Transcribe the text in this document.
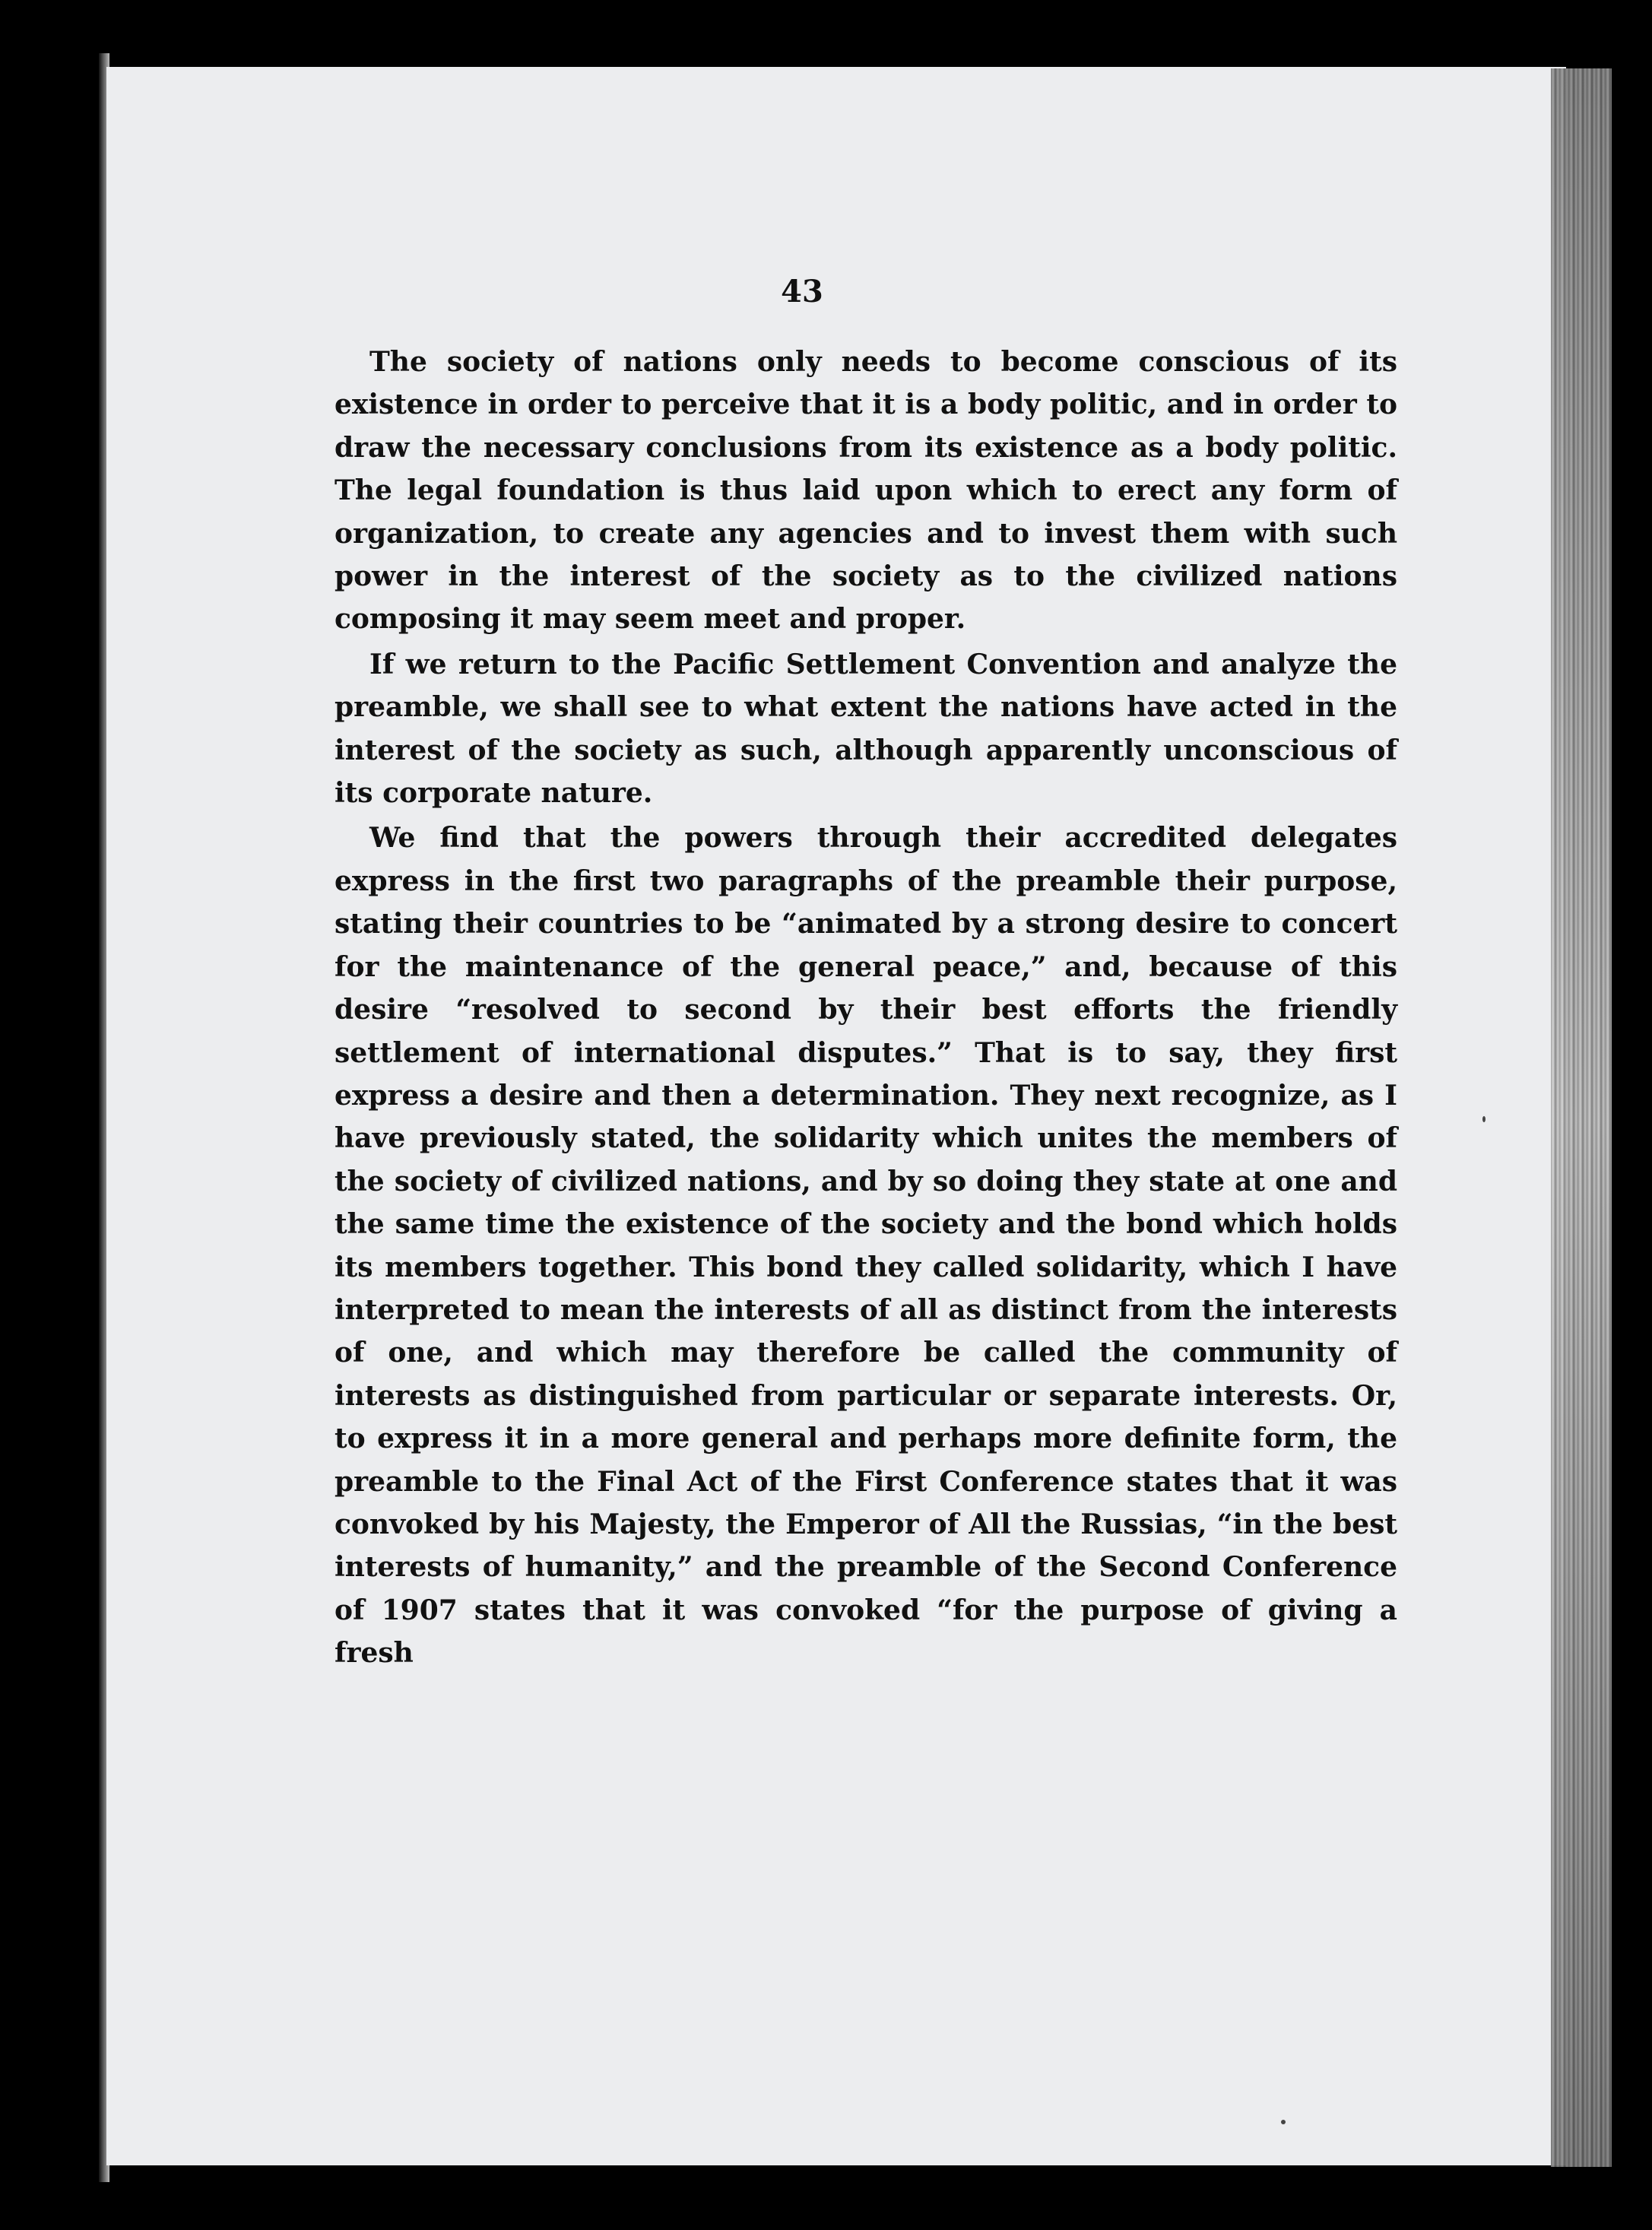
43

The society of nations only needs to become conscious of its existence in order to perceive that it is a body politic, and in order to draw the necessary conclusions from its existence as a body politic. The legal foundation is thus laid upon which to erect any form of organization, to create any agencies and to invest them with such power in the interest of the society as to the civilized nations composing it may seem meet and proper.

If we return to the Pacific Settlement Convention and analyze the preamble, we shall see to what extent the nations have acted in the interest of the society as such, although apparently unconscious of its corporate nature.

We find that the powers through their accredited delegates express in the first two paragraphs of the preamble their purpose, stating their countries to be “animated by a strong desire to concert for the maintenance of the general peace,” and, because of this desire “resolved to second by their best efforts the friendly settlement of international disputes.” That is to say, they first express a desire and then a determination. They next recognize, as I have previously stated, the solidarity which unites the members of the society of civilized nations, and by so doing they state at one and the same time the existence of the society and the bond which holds its members together. This bond they called solidarity, which I have interpreted to mean the interests of all as distinct from the interests of one, and which may therefore be called the community of interests as distinguished from particular or separate interests. Or, to express it in a more general and perhaps more definite form, the preamble to the Final Act of the First Conference states that it was convoked by his Majesty, the Emperor of All the Russias, “in the best interests of humanity,” and the preamble of the Second Conference of 1907 states that it was convoked “for the purpose of giving a fresh
